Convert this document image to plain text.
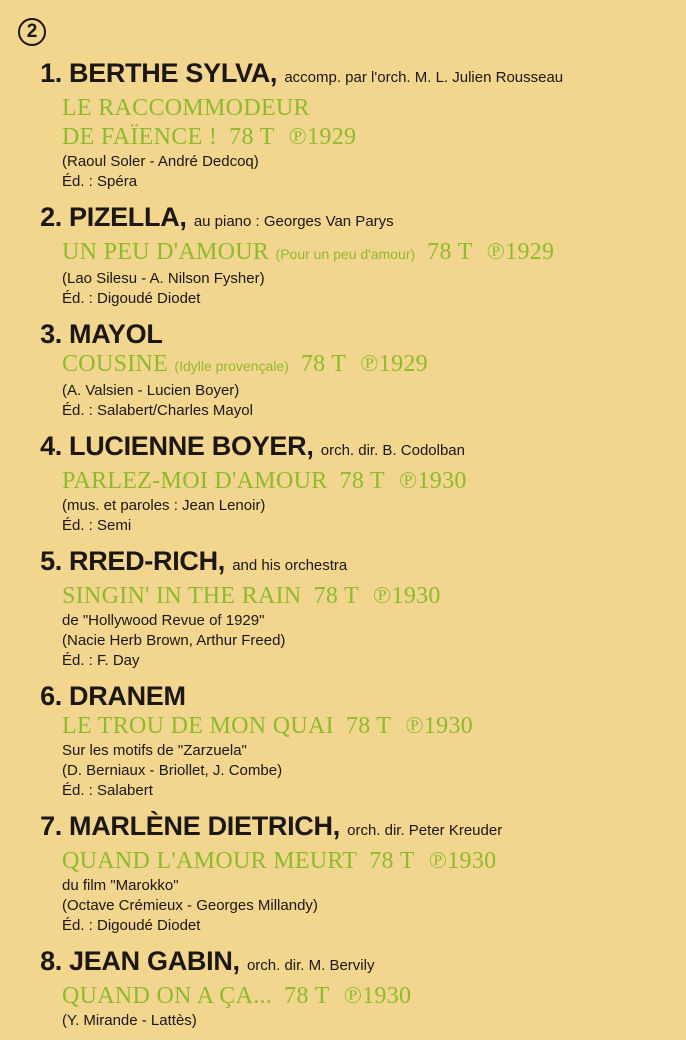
2
1. BERTHE SYLVA, accomp. par l'orch. M. L. Julien Rousseau
LE RACCOMMODEUR
DE FAÏENCE ! 78 T ℗1929
(Raoul Soler - André Dedcoq)
Éd. : Spéra
2. PIZELLA, au piano : Georges Van Parys
UN PEU D'AMOUR (Pour un peu d'amour) 78 T ℗1929
(Lao Silesu - A. Nilson Fysher)
Éd. : Digoudé Diodet
3. MAYOL
COUSINE (Idylle provençale) 78 T ℗1929
(A. Valsien - Lucien Boyer)
Éd. : Salabert/Charles Mayol
4. LUCIENNE BOYER, orch. dir. B. Codolban
PARLEZ-MOI D'AMOUR 78 T ℗1930
(mus. et paroles : Jean Lenoir)
Éd. : Semi
5. RRED-RICH, and his orchestra
SINGIN' IN THE RAIN 78 T ℗1930
de "Hollywood Revue of 1929"
(Nacie Herb Brown, Arthur Freed)
Éd. : F. Day
6. DRANEM
LE TROU DE MON QUAI 78 T ℗1930
Sur les motifs de "Zarzuela"
(D. Berniaux - Briollet, J. Combe)
Éd. : Salabert
7. MARLÈNE DIETRICH, orch. dir. Peter Kreuder
QUAND L'AMOUR MEURT 78 T ℗1930
du film "Marokko"
(Octave Crémieux - Georges Millandy)
Éd. : Digoudé Diodet
8. JEAN GABIN, orch. dir. M. Bervily
QUAND ON A ÇA... 78 T ℗1930
(Y. Mirande - Lattès)
